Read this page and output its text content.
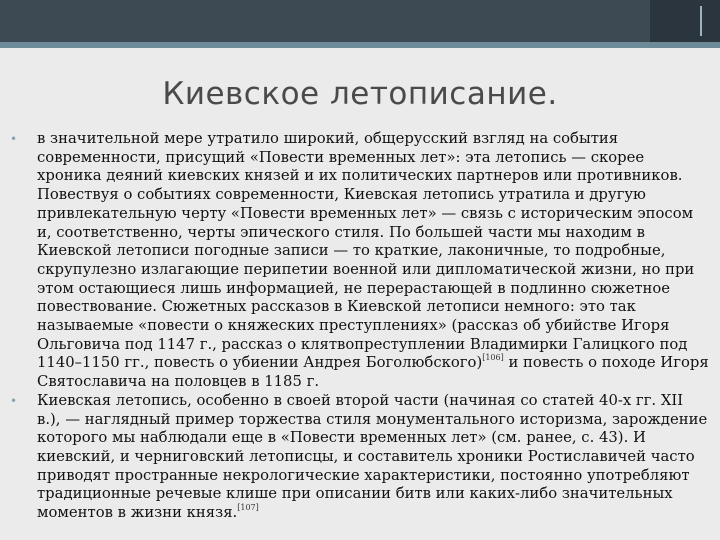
Киевское летописание.
•	в значительной мере утратило широкий, общерусский взгляд на события современности, присущий «Повести временных лет»: эта летопись — скорее хроника деяний киевских князей и их политических партнеров или противников. Повествуя о событиях современности, Киевская летопись утратила и другую привлекательную черту «Повести временных лет» — связь с историческим эпосом и, соответственно, черты эпического стиля. По большей части мы находим в Киевской летописи погодные записи — то краткие, лаконичные, то подробные, скрупулезно излагающие перипетии военной или дипломатической жизни, но при этом остающиеся лишь информацией, не перерастающей в подлинно сюжетное повествование. Сюжетных рассказов в Киевской летописи немного: это так называемые «повести о княжеских преступлениях» (рассказ об убийстве Игоря Ольговича под 1147 г., рассказ о клятвопреступлении Владимирки Галицкого под 1140–1150 гг., повесть о убиении Андрея Боголюбского)[106] и повесть о походе Игоря Святославича на половцев в 1185 г.
•	Киевская летопись, особенно в своей второй части (начиная со статей 40-х гг. XII в.), — наглядный пример торжества стиля монументального историзма, зарождение которого мы наблюдали еще в «Повести временных лет» (см. ранее, с. 43). И киевский, и черниговский летописцы, и составитель хроники Ростиславичей часто приводят пространные некрологические характеристики, постоянно употребляют традиционные речевые клише при описании битв или каких-либо значительных моментов в жизни князя.[107]
